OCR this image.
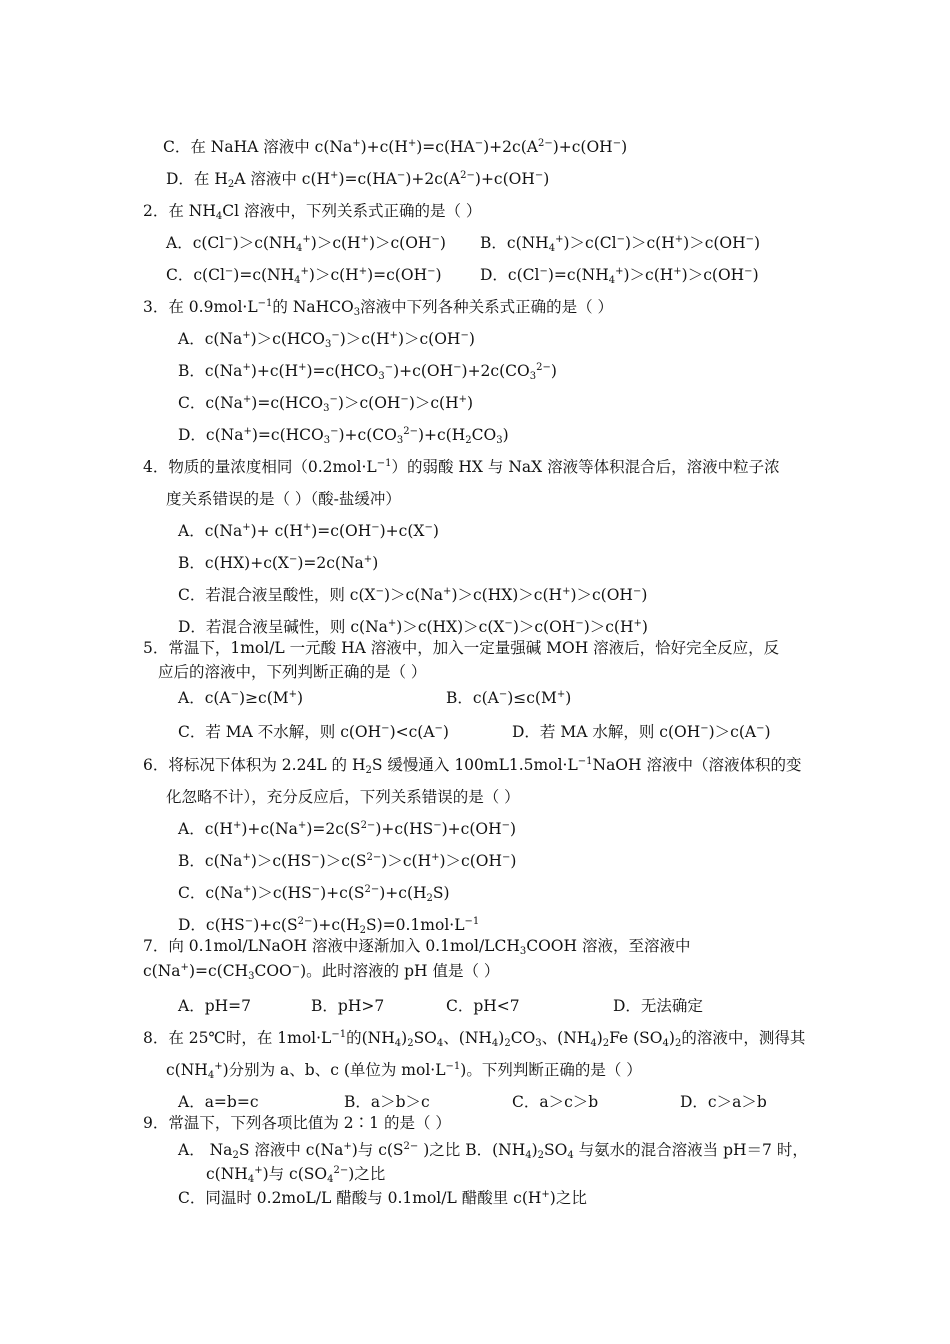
C．在 NaHA 溶液中 $c(Na^+)+c(H^+)=c(HA^-)+2c(A^{2-})+c(OH^-)$
D．在 $H_2A$ 溶液中 $c(H^+)=c(HA^-)+2c(A^{2-})+c(OH^-)$
2．在 $NH_4Cl$ 溶液中，下列关系式正确的是（ ）
A．$c(Cl^-)>c(NH_4^+)>c(H^+)>c(OH^-)$ B．$c(NH_4^+)>c(Cl^-)>c(H^+)>c(OH^-)$
C．$c(Cl^-)=c(NH_4^+)>c(H^+)=c(OH^-)$ D．$c(Cl^-)=c(NH_4^+)>c(H^+)>c(OH^-)$
3．在 $0.9mol\cdot L^{-1}$的 NaHCO$_3$溶液中下列各种关系式正确的是（ ）
A．$c(Na^+)>c(HCO_3^-)>c(H^+)>c(OH^-)$
B．$c(Na^+)+c(H^+)=c(HCO_3^-)+c(OH^-)+2c(CO_3^{2-})$
C．$c(Na^+)=c(HCO_3^-)>c(OH^-)>c(H^+)$
D．$c(Na^+)=c(HCO_3^-)+c(CO_3^{2-})+c(H_2CO_3)$
4．物质的量浓度相同$(0.2mol\cdot L^{-1})$的弱酸 HX 与 NaX 溶液等体积混合后，溶液中粒子浓
度关系错误的是（ ）（酸-盐缓冲）
A．c(Na+)+ c(H+)=c(OH−)+c(X−)
B．c(HX)+c(X−)=2c(Na+)
C．若混合液呈酸性，则 c(X−)＞c(Na+)＞c(HX)＞c(H+)＞c(OH−)
D．若混合液呈碱性，则 c(Na+)＞c(HX)＞c(X−)＞c(OH−)＞c(H+)
5．常温下，1mol/L 一元酸 HA 溶液中，加入一定量强碱 MOH 溶液后，恰好完全反应，反
应后的溶液中，下列判断正确的是（ ）
A．c(A−)≥c(M+)	B．c(A−)≤c(M+)
C．若 MA 不水解，则 c(OH−)<c(A−)	D．若 MA 水解，则 c(OH−)＞c(A−)
6．将标况下体积为 2.24L 的 $H_2S$ 缓慢通入 $100mL1.5mol\cdot L^{-1}NaOH$ 溶液中（溶液体积的变
化忽略不计），充分反应后，下列关系错误的是（ ）
A．$c(H^+)+c(Na^+)=2c(S^{2-})+c(HS^-)+c(OH^-)$
B．$c(Na^+)>c(HS^-)>c(S^{2-})>c(H^+)>c(OH^-)$
C．$c(Na^+)>c(HS^-)+c(S^{2-})+c(H_2S)$
D．$c(HS^-)+c(S^{2-})+c(H_2S)=0.1mol\cdot L^{-1}$
7．向 0.1mol/LNaOH 溶液中逐渐加入 $0.1mol/LCH_3COOH$ 溶液，至溶液中
$c(Na^+)=c(CH_3COO^-)$。此时溶液的 pH 值是（ ）
A．pH=7	B．pH>7	C．pH<7	D．无法确定
8．在 25℃时，在 $1mol\cdot L^{-1}$的$(NH_4)_2SO_4$、$(NH_4)_2CO_3$、$(NH_4)_2Fe$ $(SO_4)_2$的溶液中，测得其
$c(NH_4^+)$分别为 a、b、c (单位为 $mol\cdot L^{-1}$)。下列判断正确的是（ ）
A．a=b=c	B．a＞b＞c	C．a＞c＞b	D．c＞a＞b
9．常温下，下列各项比值为 2∶1 的是（ ）
A． $Na_2S$ 溶液中 c(Na+)与 $c(S^{2-}$ )之比 B．$(NH_4)_2SO_4$ 与氨水的混合溶液当 pH＝7 时，
$c(NH_4^+)$与 $c(SO_4^{2-})$之比
C．同温时 0.2moL/L 醋酸与 0.1mol/L 醋酸里 c(H+)之比
